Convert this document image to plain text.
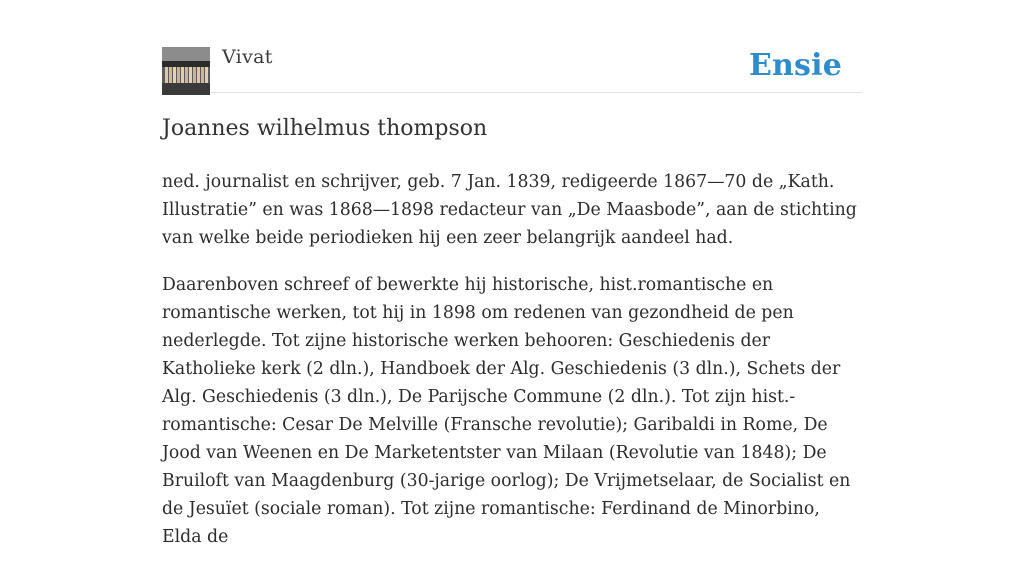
Vivat	Ensie
Joannes wilhelmus thompson

ned. journalist en schrijver, geb. 7 Jan. 1839, redigeerde 1867—70 de „Kath. Illustratie” en was 1868—1898 redacteur van „De Maasbode”, aan de stichting van welke beide periodieken hij een zeer belangrijk aandeel had.

Daarenboven schreef of bewerkte hij historische, hist.romantische en romantische werken, tot hij in 1898 om redenen van gezondheid de pen nederlegde. Tot zijne historische werken behooren: Geschiedenis der Katholieke kerk (2 dln.), Handboek der Alg. Geschiedenis (3 dln.), Schets der Alg. Geschiedenis (3 dln.), De Parijsche Commune (2 dln.). Tot zijn hist.-romantische: Cesar De Melville (Fransche revolutie); Garibaldi in Rome, De Jood van Weenen en De Marketentster van Milaan (Revolutie van 1848); De Bruiloft van Maagdenburg (30-jarige oorlog); De Vrijmetselaar, de Socialist en de Jesuïet (sociale roman). Tot zijne romantische: Ferdinand de Minorbino, Elda de
